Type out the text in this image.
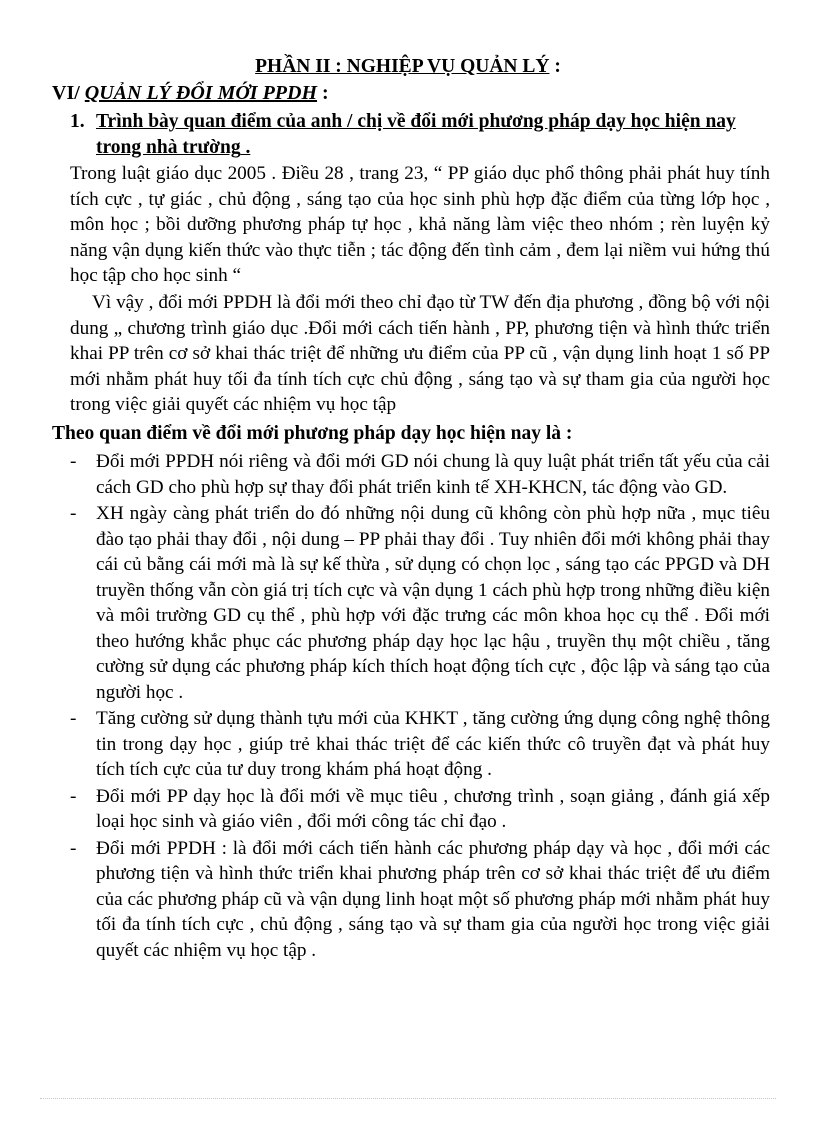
PHẦN II : NGHIỆP VỤ QUẢN LÝ :
VI/ QUẢN LÝ ĐỔI MỚI PPDH :
1. Trình bày quan điểm của anh / chị về đổi mới phương pháp dạy học hiện nay trong nhà trường .
Trong luật giáo dục 2005 . Điều 28 , trang 23, “ PP giáo dục phổ thông phải phát huy tính tích cực , tự giác , chủ động , sáng tạo của học sinh phù hợp đặc điểm của từng lớp học , môn học ; bồi dưỡng phương pháp tự học , khả năng làm việc theo nhóm ; rèn luyện kỷ năng vận dụng kiến thức vào thực tiễn ; tác động đến tình cảm , đem lại niềm vui hứng thú học tập cho học sinh “
Vì vậy , đổi mới PPDH là đổi mới theo chỉ đạo từ TW đến địa phương , đồng bộ với nội dung „ chương trình giáo dục .Đổi mới cách tiến hành , PP, phương tiện và hình thức triển khai PP trên cơ sở khai thác triệt để những ưu điểm của PP cũ , vận dụng linh hoạt 1 số PP mới nhằm phát huy tối đa tính tích cực chủ động , sáng tạo và sự tham gia của người học trong việc giải quyết các nhiệm vụ học tập
Theo quan điểm về đổi mới phương pháp dạy học hiện nay là :
- Đổi mới PPDH nói riêng và đổi mới GD nói chung là quy luật phát triển tất yếu của cải cách GD cho phù hợp sự thay đổi phát triển kinh tế XH-KHCN, tác động vào GD.
- XH ngày càng phát triển do đó những nội dung cũ không còn phù hợp nữa , mục tiêu đào tạo phải thay đổi , nội dung – PP phải thay đổi . Tuy nhiên đổi mới không phải thay cái củ bằng cái mới mà là sự kế thừa , sử dụng có chọn lọc , sáng tạo các PPGD và DH truyền thống vẫn còn giá trị tích cực và vận dụng 1 cách phù hợp trong những điều kiện và môi trường GD cụ thể , phù hợp với đặc trưng các môn khoa học cụ thể . Đổi mới theo hướng khắc phục các phương pháp dạy học lạc hậu , truyền thụ một chiều , tăng cường sử dụng các phương pháp kích thích hoạt động tích cực , độc lập và sáng tạo của người học .
- Tăng cường sử dụng thành tựu mới của KHKT , tăng cường ứng dụng công nghệ thông tin trong dạy học , giúp trẻ khai thác triệt để các kiến thức cô truyền đạt và phát huy tích tích cực của tư duy trong khám phá hoạt động .
- Đổi mới PP dạy học là đổi mới về mục tiêu , chương trình , soạn giảng , đánh giá xếp loại học sinh và giáo viên , đổi mới công tác chỉ đạo .
- Đổi mới PPDH : là đổi mới cách tiến hành các phương pháp dạy và học , đổi mới các phương tiện và hình thức triển khai phương pháp trên cơ sở khai thác triệt để ưu điểm của các phương pháp cũ và vận dụng linh hoạt một số phương pháp mới nhằm phát huy tối đa tính tích cực , chủ động , sáng tạo và sự tham gia của người học trong việc giải quyết các nhiệm vụ học tập .
